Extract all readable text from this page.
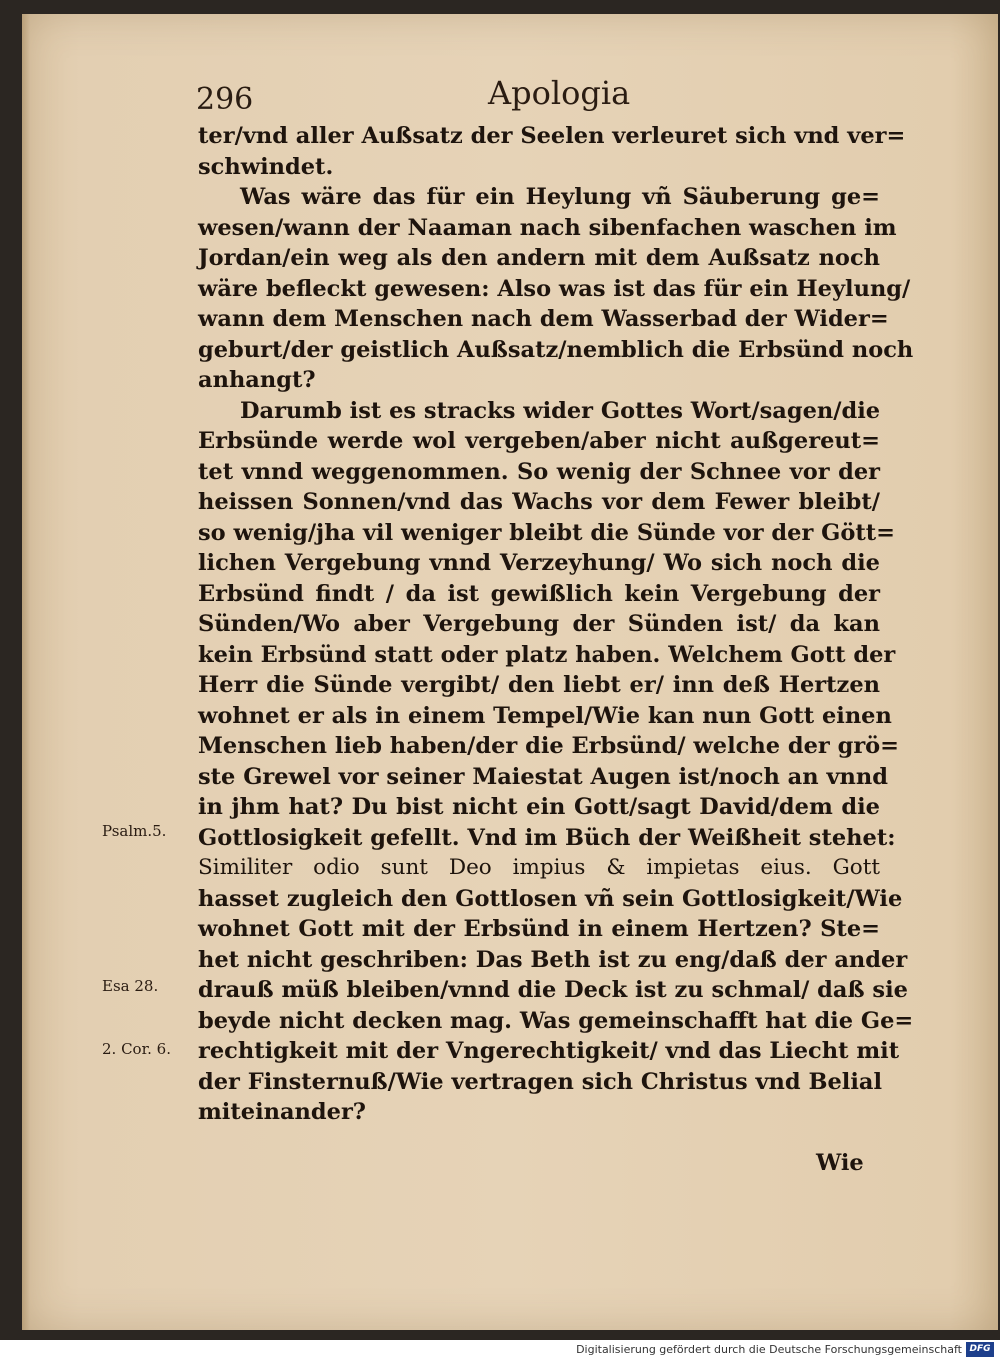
296	Apologia
ter/vnd aller Außsatz der Seelen verleuret sich vnd ver=
schwindet.
Was wäre das für ein Heylung vñ Säuberung ge=
wesen/wann der Naaman nach sibenfachen waschen im
Jordan/ein weg als den andern mit dem Außsatz noch
wäre befleckt gewesen: Also was ist das für ein Heylung/
wann dem Menschen nach dem Wasserbad der Wider=
geburt/der geistlich Außsatz/nemblich die Erbsünd noch
anhangt?
Darumb ist es stracks wider Gottes Wort/sagen/die
Erbsünde werde wol vergeben/aber nicht außgereut=
tet vnnd weggenommen. So wenig der Schnee vor der
heissen Sonnen/vnd das Wachs vor dem Fewer bleibt/
so wenig/jha vil weniger bleibt die Sünde vor der Gött=
lichen Vergebung vnnd Verzeyhung/ Wo sich noch die
Erbsünd findt / da ist gewißlich kein Vergebung der
Sünden/Wo aber Vergebung der Sünden ist/ da kan
kein Erbsünd statt oder platz haben. Welchem Gott der
Herr die Sünde vergibt/ den liebt er/ inn deß Hertzen
wohnet er als in einem Tempel/Wie kan nun Gott einen
Menschen lieb haben/der die Erbsünd/ welche der grö=
ste Grewel vor seiner Maiestat Augen ist/noch an vnnd
in jhm hat? Du bist nicht ein Gott/sagt David/dem die
Gottlosigkeit gefellt. Vnd im Büch der Weißheit stehet:
Similiter odio sunt Deo impius & impietas eius. Gott
hasset zugleich den Gottlosen vñ sein Gottlosigkeit/Wie
wohnet Gott mit der Erbsünd in einem Hertzen? Ste=
het nicht geschriben: Das Beth ist zu eng/daß der ander
drauß müß bleiben/vnnd die Deck ist zu schmal/ daß sie
beyde nicht decken mag. Was gemeinschafft hat die Ge=
rechtigkeit mit der Vngerechtigkeit/ vnd das Liecht mit
der Finsternuß/Wie vertragen sich Christus vnd Belial
miteinander?
Psalm.5.
Esa 28.
2. Cor. 6.
Wie
Digitalisierung gefördert durch die Deutsche Forschungsgemeinschaft DFG
